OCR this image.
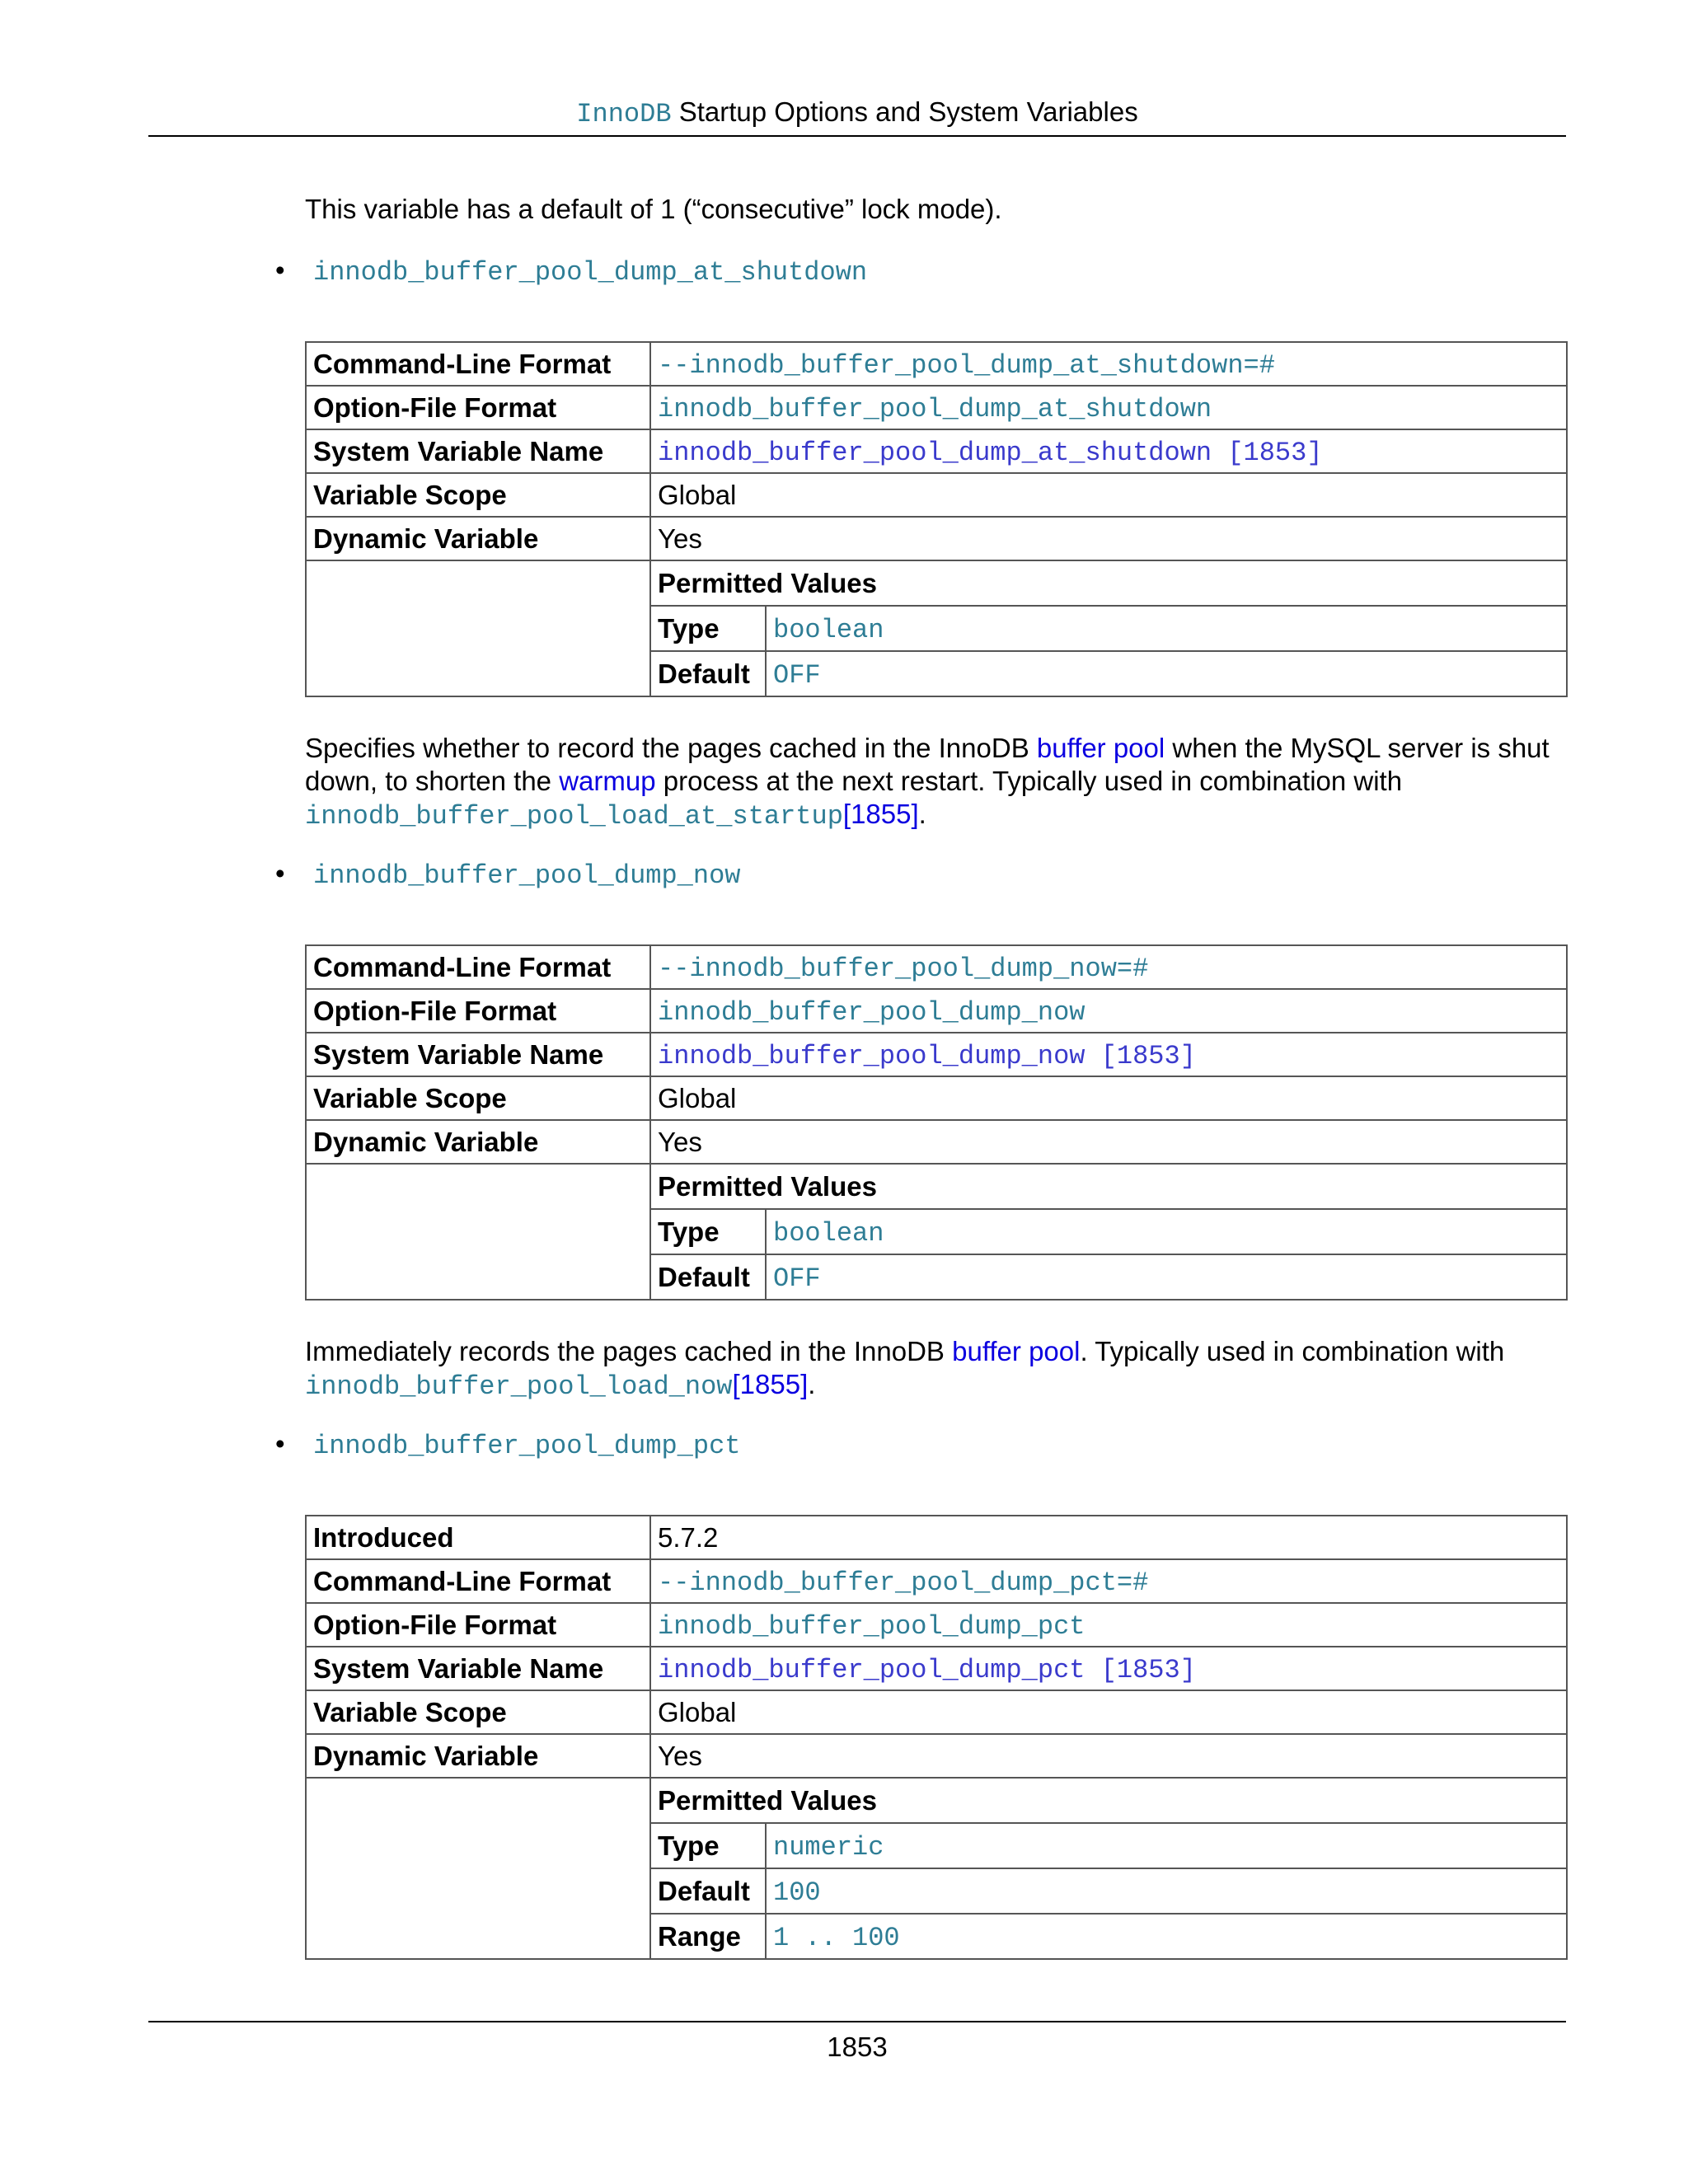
InnoDB Startup Options and System Variables
This variable has a default of 1 (“consecutive” lock mode).
• innodb_buffer_pool_dump_at_shutdown
Command-Line Format	--innodb_buffer_pool_dump_at_shutdown=#
Option-File Format	innodb_buffer_pool_dump_at_shutdown
System Variable Name	innodb_buffer_pool_dump_at_shutdown [1853]
Variable Scope	Global
Dynamic Variable	Yes

Permitted Values
Type	boolean
Default	OFF
Specifies whether to record the pages cached in the InnoDB buffer pool when the MySQL server is shut down, to shorten the warmup process at the next restart. Typically used in combination with innodb_buffer_pool_load_at_startup[1855].
• innodb_buffer_pool_dump_now
Command-Line Format	--innodb_buffer_pool_dump_now=#
Option-File Format	innodb_buffer_pool_dump_now
System Variable Name	innodb_buffer_pool_dump_now [1853]
Variable Scope	Global
Dynamic Variable	Yes

Permitted Values
Type	boolean
Default	OFF
Immediately records the pages cached in the InnoDB buffer pool. Typically used in combination with innodb_buffer_pool_load_now[1855].
• innodb_buffer_pool_dump_pct
Introduced	5.7.2
Command-Line Format	--innodb_buffer_pool_dump_pct=#
Option-File Format	innodb_buffer_pool_dump_pct
System Variable Name	innodb_buffer_pool_dump_pct [1853]
Variable Scope	Global
Dynamic Variable	Yes

Permitted Values
Type	numeric
Default	100
Range	1 .. 100
1853
